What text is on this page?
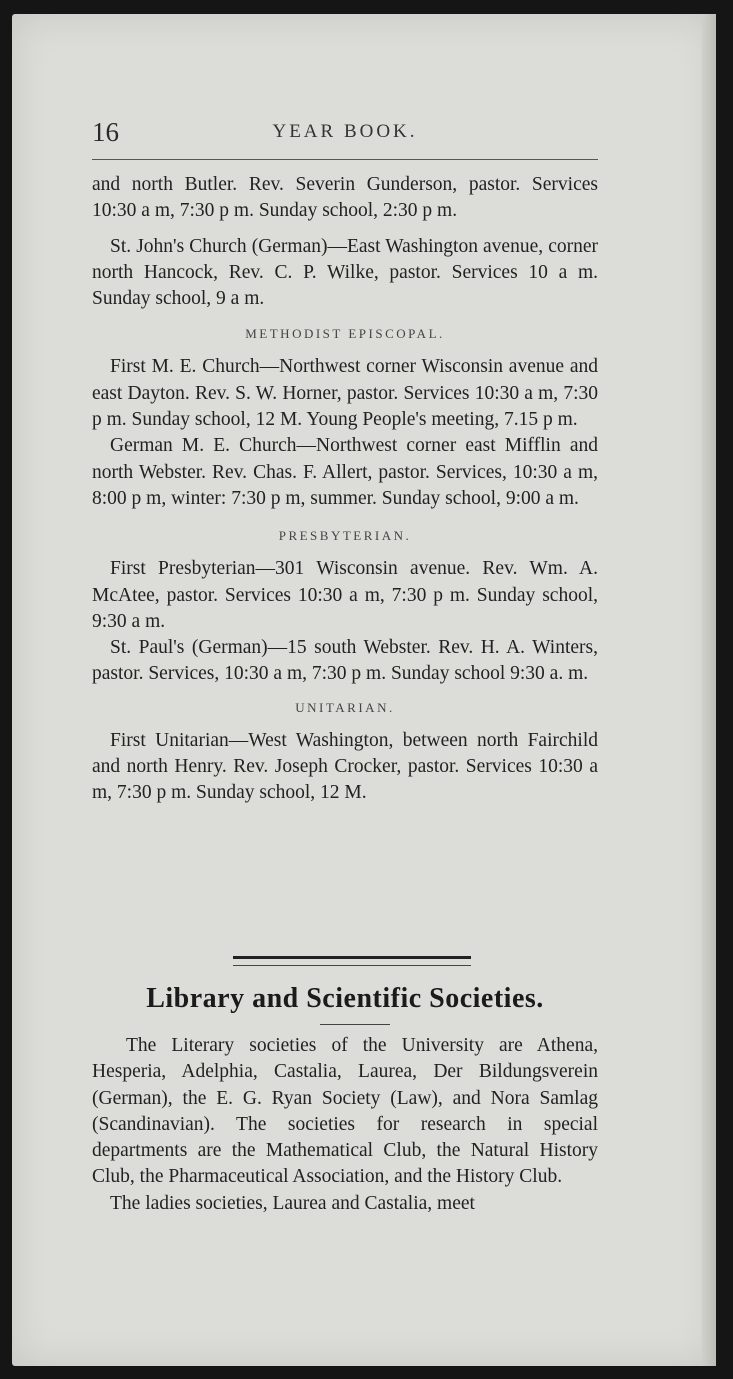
16	YEAR BOOK.

and north Butler. Rev. Severin Gunderson, pastor. Services 10:30 a m, 7:30 p m. Sunday school, 2:30 p m.

St. John's Church (German)—East Washington avenue, corner north Hancock, Rev. C. P. Wilke, pastor. Services 10 a m. Sunday school, 9 a m.

METHODIST EPISCOPAL.

First M. E. Church—Northwest corner Wisconsin avenue and east Dayton. Rev. S. W. Horner, pastor. Services 10:30 a m, 7:30 p m. Sunday school, 12 M. Young People's meeting, 7.15 p m.

German M. E. Church—Northwest corner east Mifflin and north Webster. Rev. Chas. F. Allert, pastor. Services, 10:30 a m, 8:00 p m, winter: 7:30 p m, summer. Sunday school, 9:00 a m.

PRESBYTERIAN.

First Presbyterian—301 Wisconsin avenue. Rev. Wm. A. McAtee, pastor. Services 10:30 a m, 7:30 p m. Sunday school, 9:30 a m.

St. Paul's (German)—15 south Webster. Rev. H. A. Winters, pastor. Services, 10:30 a m, 7:30 p m. Sunday school 9:30 a. m.

UNITARIAN.

First Unitarian—West Washington, between north Fairchild and north Henry. Rev. Joseph Crocker, pastor. Services 10:30 a m, 7:30 p m. Sunday school, 12 M.

Library and Scientific Societies.

The Literary societies of the University are Athena, Hesperia, Adelphia, Castalia, Laurea, Der Bildungsverein (German), the E. G. Ryan Society (Law), and Nora Samlag (Scandinavian). The societies for research in special departments are the Mathematical Club, the Natural History Club, the Pharmaceutical Association, and the History Club.

The ladies societies, Laurea and Castalia, meet
